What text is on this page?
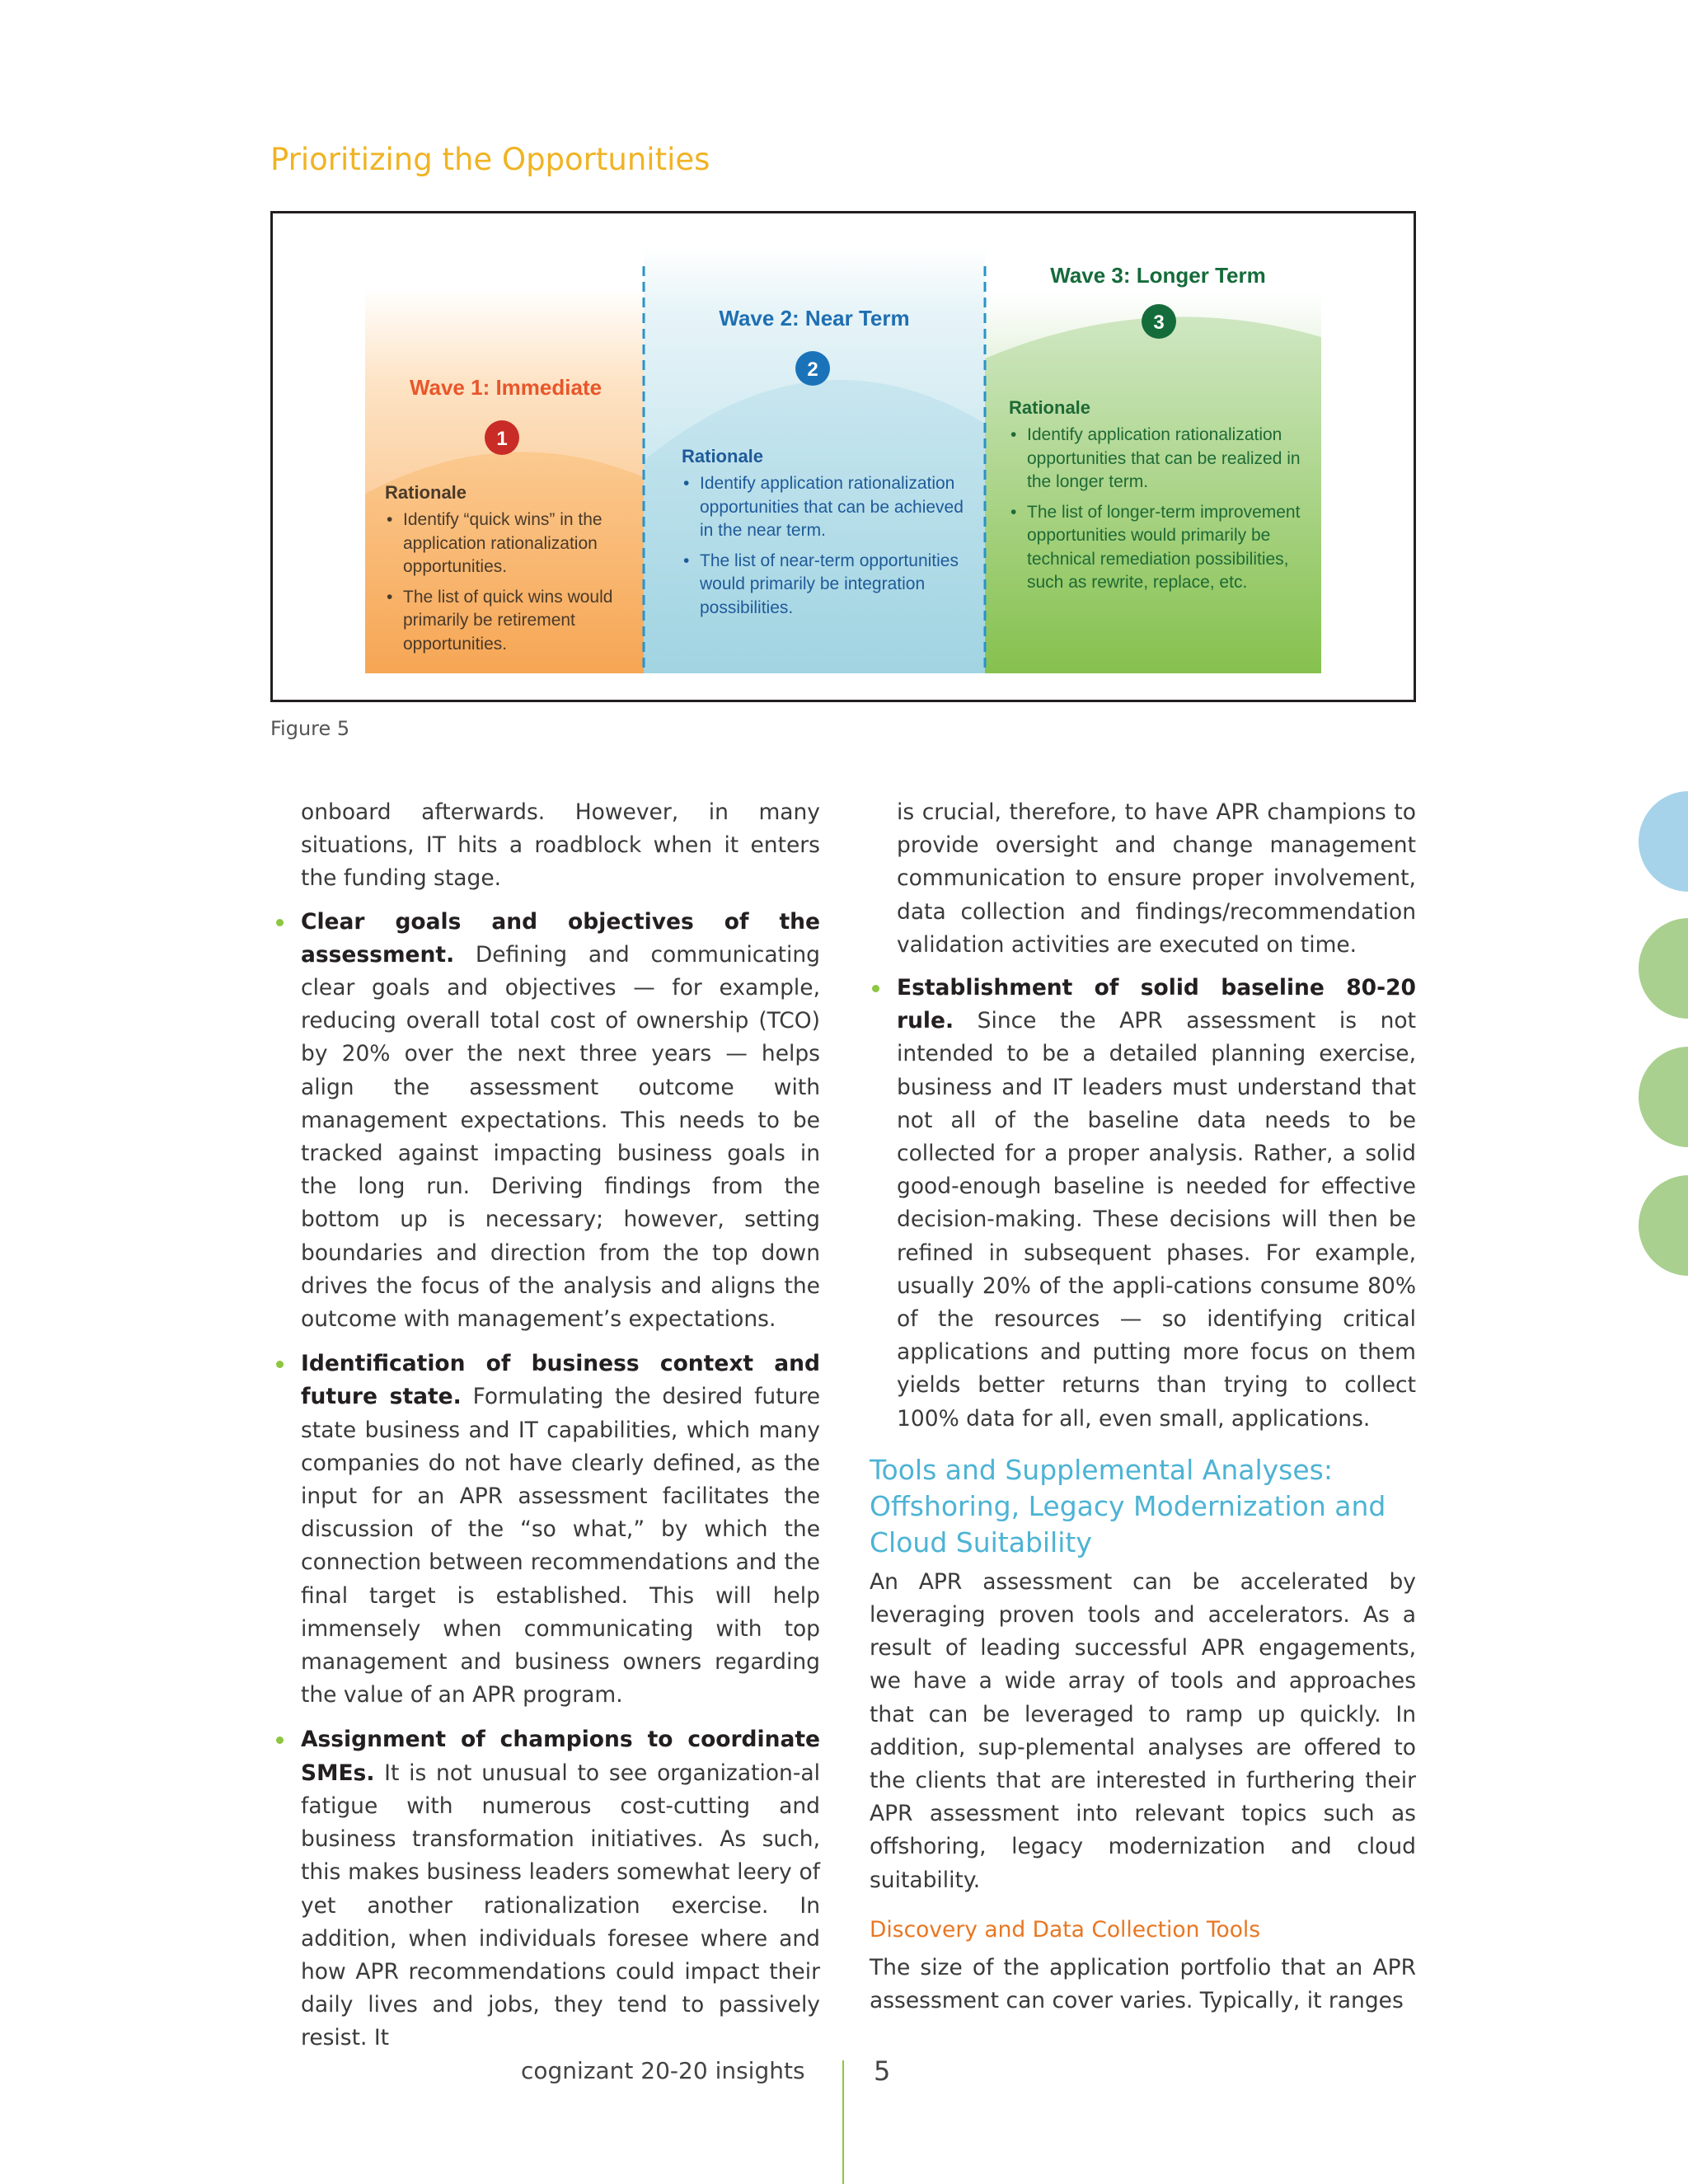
Prioritizing the Opportunities
1
2
3
Wave 1: Immediate
Rationale
• Identify “quick wins” in the application rationalization opportunities.
• The list of quick wins would primarily be retirement opportunities.
Wave 2: Near Term
Rationale
• Identify application rationalization opportunities that can be achieved in the near term.
• The list of near-term opportunities would primarily be integration possibilities.
Wave 3: Longer Term
Rationale
• Identify application rationalization opportunities that can be realized in the longer term.
• The list of longer-term improvement opportunities would primarily be technical remediation possibilities, such as rewrite, replace, etc.
Figure 5

onboard afterwards. However, in many situations, IT hits a roadblock when it enters the funding stage.

Clear goals and objectives of the assessment. Defining and communicating clear goals and objectives — for example, reducing overall total cost of ownership (TCO) by 20% over the next three years — helps align the assessment outcome with management expectations. This needs to be tracked against impacting business goals in the long run. Deriving findings from the bottom up is necessary; however, setting boundaries and direction from the top down drives the focus of the analysis and aligns the outcome with management’s expectations.
Identification of business context and future state. Formulating the desired future state business and IT capabilities, which many companies do not have clearly defined, as the input for an APR assessment facilitates the discussion of the “so what,” by which the connection between recommendations and the final target is established. This will help immensely when communicating with top management and business owners regarding the value of an APR program.
Assignment of champions to coordinate SMEs. It is not unusual to see organization-al fatigue with numerous cost-cutting and business transformation initiatives. As such, this makes business leaders somewhat leery of yet another rationalization exercise. In addition, when individuals foresee where and how APR recommendations could impact their daily lives and jobs, they tend to passively resist. It

is crucial, therefore, to have APR champions to provide oversight and change management communication to ensure proper involvement, data collection and findings/recommendation validation activities are executed on time.

Establishment of solid baseline 80-20 rule. Since the APR assessment is not intended to be a detailed planning exercise, business and IT leaders must understand that not all of the baseline data needs to be collected for a proper analysis. Rather, a solid good-enough baseline is needed for effective decision-making. These decisions will then be refined in subsequent phases. For example, usually 20% of the appli-cations consume 80% of the resources — so identifying critical applications and putting more focus on them yields better returns than trying to collect 100% data for all, even small, applications.
Tools and Supplemental Analyses: Offshoring, Legacy Modernization and Cloud Suitability

An APR assessment can be accelerated by leveraging proven tools and accelerators. As a result of leading successful APR engagements, we have a wide array of tools and approaches that can be leveraged to ramp up quickly. In addition, sup-plemental analyses are offered to the clients that are interested in furthering their APR assessment into relevant topics such as offshoring, legacy modernization and cloud suitability.

Discovery and Data Collection Tools

The size of the application portfolio that an APR assessment can cover varies. Typically, it ranges

cognizant 20-20 insights	5
